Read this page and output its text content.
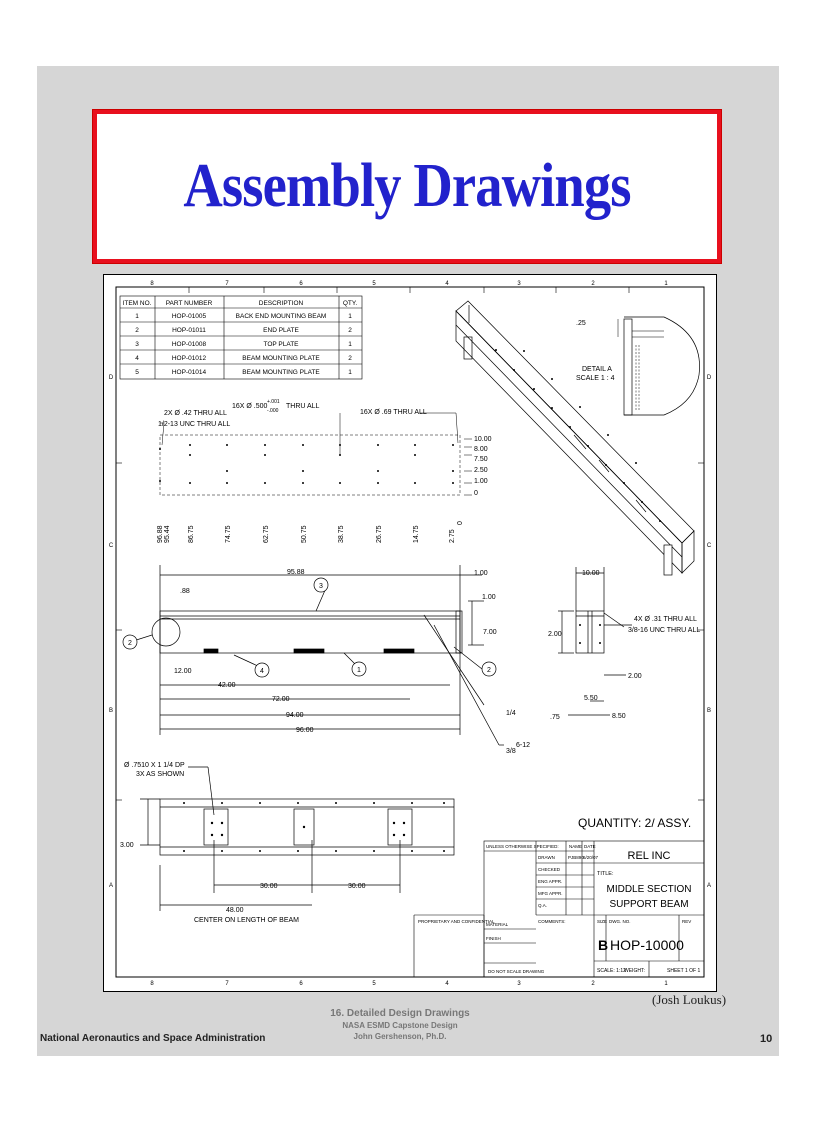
Assembly Drawings
8	7	6	5	4	3	2	1
8	7	6	5	4	3	2	1
D
C
B
A
D
C
B
A
ITEM NO. PART NUMBER	DESCRIPTION	QTY.
1	HOP-01005	BACK END MOUNTING BEAM	1
2	HOP-01011	END PLATE	2
3	HOP-01008	TOP PLATE	1
4	HOP-01012	BEAM MOUNTING PLATE	2
5	HOP-01014	BEAM MOUNTING PLATE	1
.25
DETAIL A
SCALE 1 : 4
2X Ø .42 THRU ALL
1/2-13 UNC THRU ALL
16X Ø .500
+.001
-.000
THRU ALL
16X Ø .69 THRU ALL
10.00
8.00
7.50
2.50
1.00
0
96.88 95.44 86.75	74.75	62.75	50.75	38.75	26.75	14.75	2.75
0
2
3
4	1	2
95.88	1.00
.88
1.00
7.00
12.00
42.00
72.00
94.00
96.00
1/4
3/8
6-12
10.00
2.00
2.00
5.50
8.50
.75
4X Ø .31 THRU ALL
3/8-16 UNC THRU ALL
Ø .7510 X 1 1/4 DP
3X AS SHOWN
3.00
30.00	30.00
48.00
CENTER ON LENGTH OF BEAM
QUANTITY: 2/ ASSY.
UNLESS OTHERWISE SPECIFIED: NAME DATE
DRAWN	PJB890 6/20/07
CHECKED
ENG APPR.
MFG APPR.
Q.A.
COMMENTS:
MATERIAL
FINISH
DO NOT SCALE DRAWING
PROPRIETARY AND CONFIDENTIAL
TITLE:
SIZE DWG. NO.	REV
REL INC
MIDDLE SECTION
SUPPORT BEAM
B HOP-10000
SCALE: 1:12
WEIGHT:	SHEET 1 OF 1
(Josh Loukus)
National Aeronautics and Space Administration
16. Detailed Design Drawings
NASA ESMD Capstone Design
John Gershenson, Ph.D.	10
